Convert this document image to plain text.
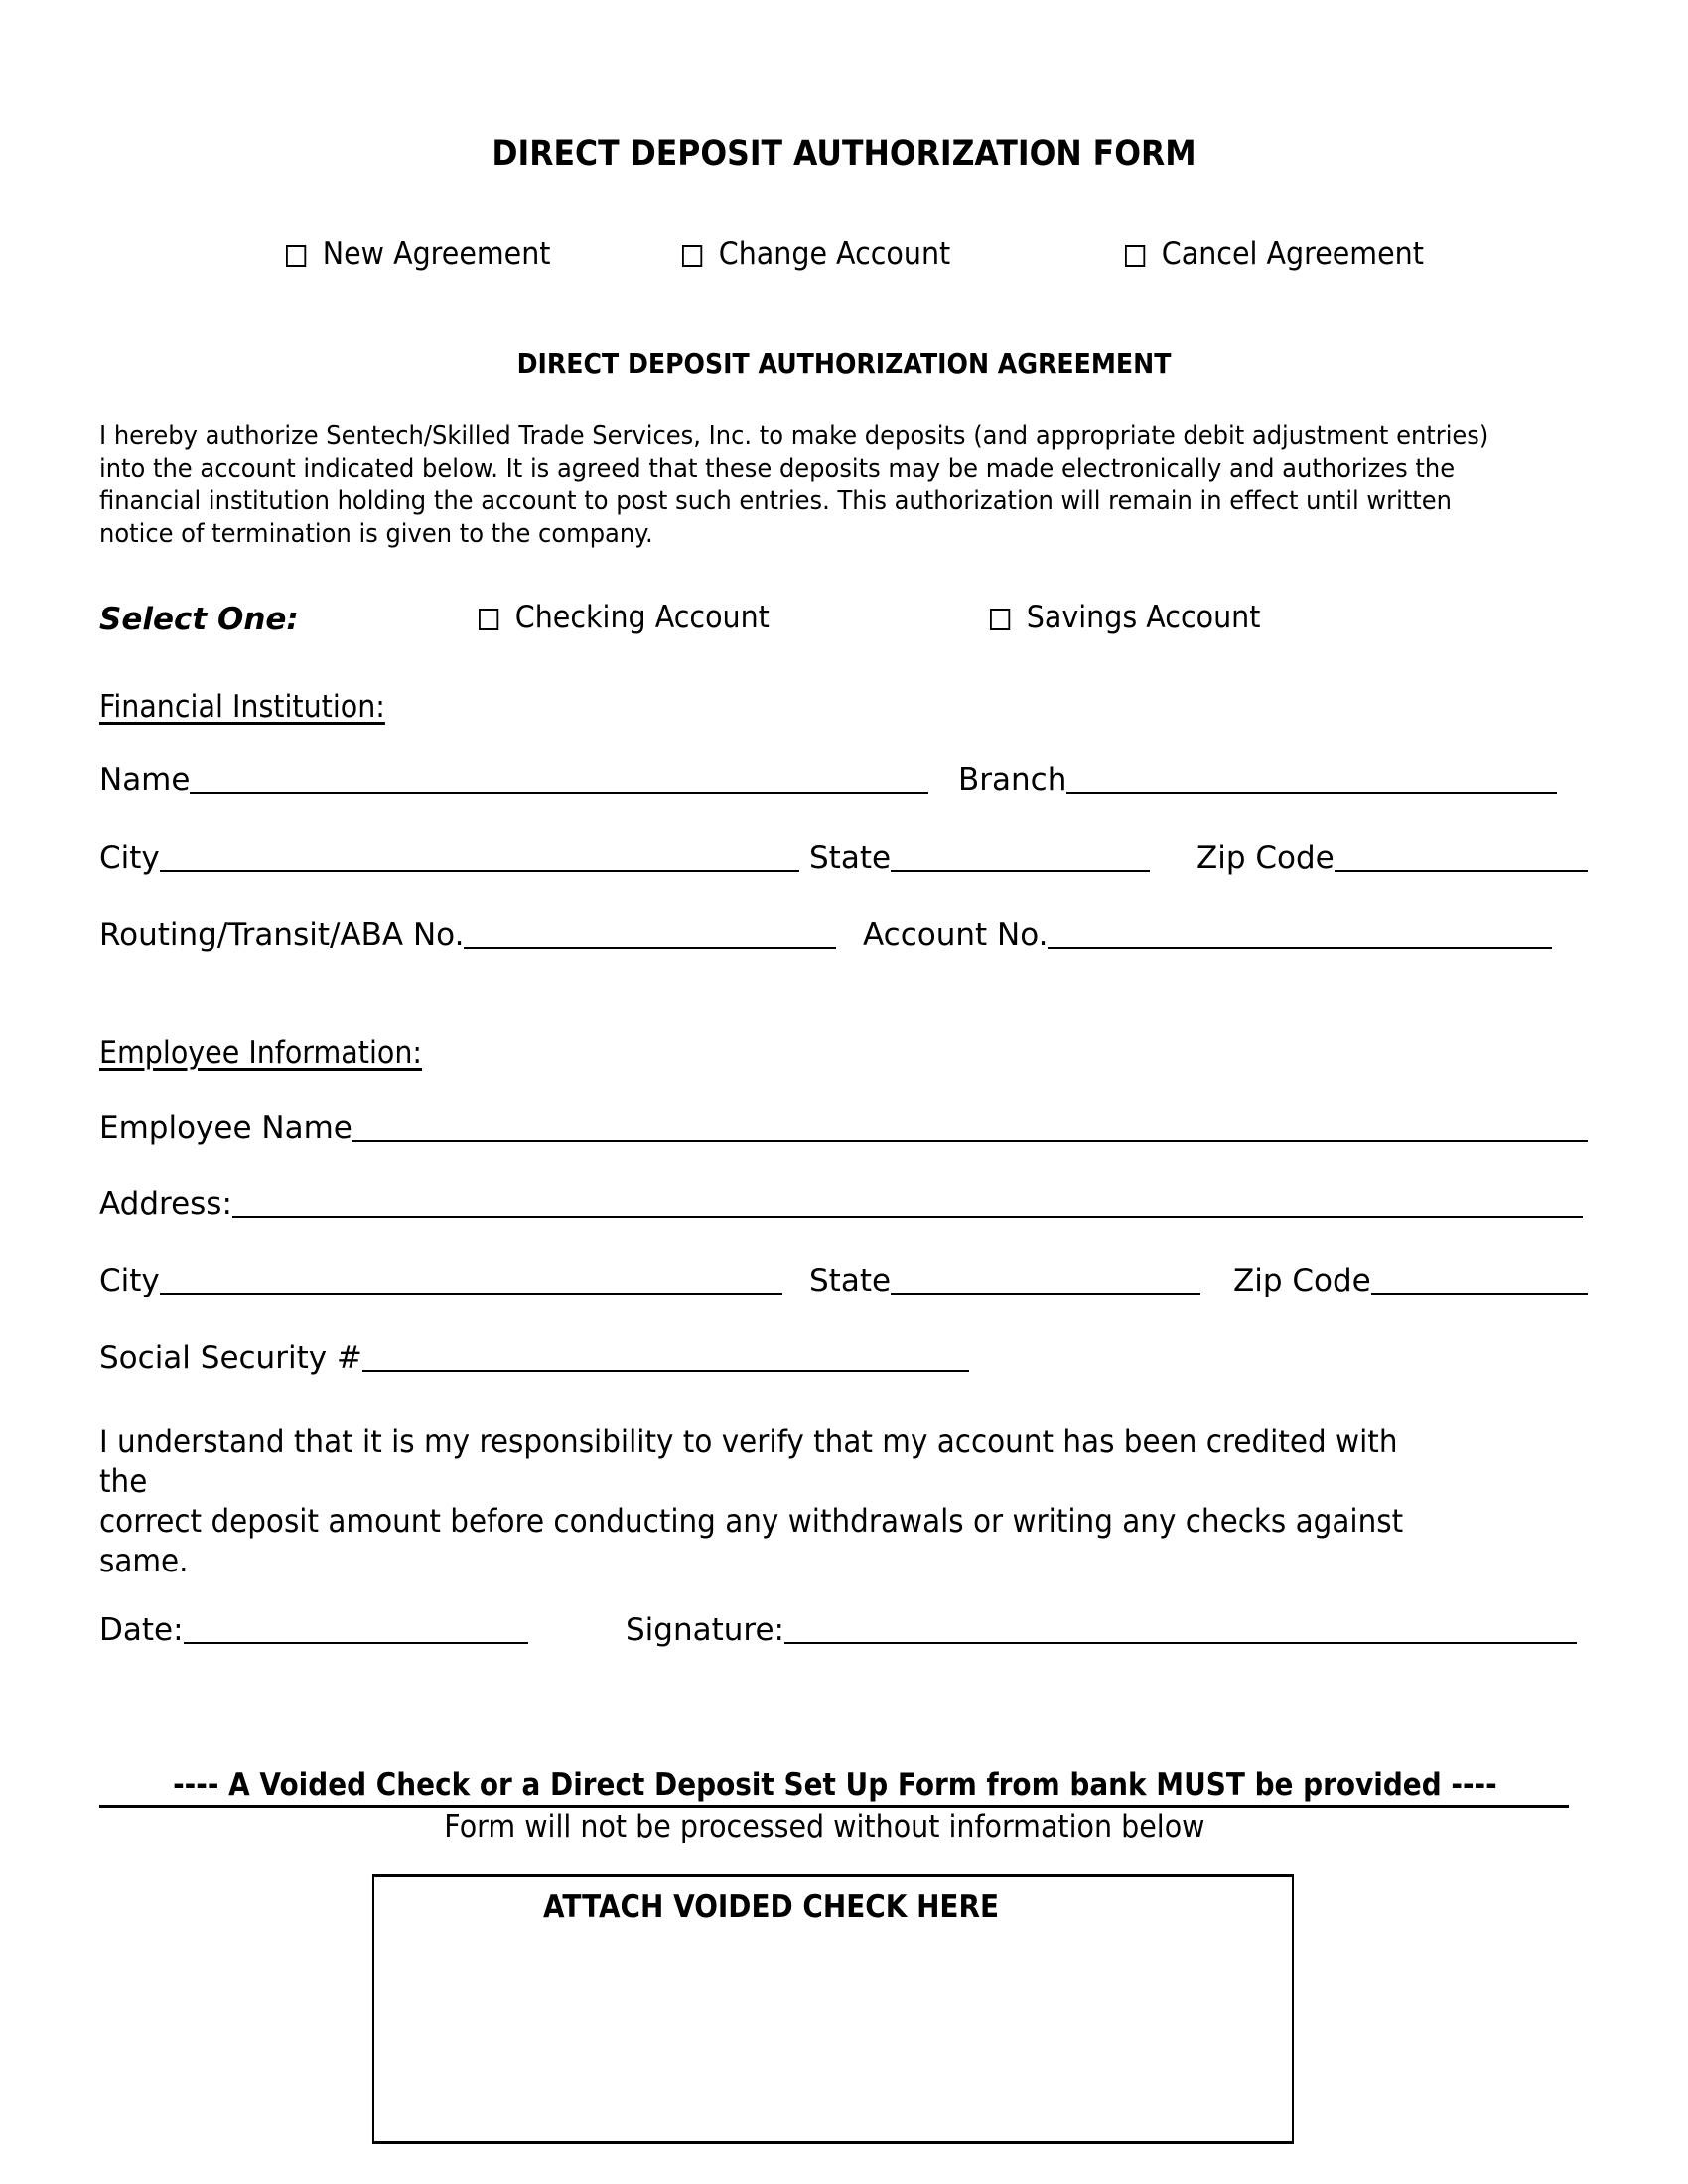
DIRECT DEPOSIT AUTHORIZATION FORM
New Agreement	Change Account	Cancel Agreement
DIRECT DEPOSIT AUTHORIZATION AGREEMENT
I hereby authorize Sentech/Skilled Trade Services, Inc. to make deposits (and appropriate debit adjustment entries)
into the account indicated below. It is agreed that these deposits may be made electronically and authorizes the
financial institution holding the account to post such entries. This authorization will remain in effect until written
notice of termination is given to the company.
Select One:	Checking Account	Savings Account
Financial Institution:
Name	Branch
City	State	Zip Code
Routing/Transit/ABA No.	Account No.
Employee Information:
Employee Name
Address:
City	State	Zip Code
Social Security #
I understand that it is my responsibility to verify that my account has been credited with the
correct deposit amount before conducting any withdrawals or writing any checks against
same.
Date:	Signature:
---- A Voided Check or a Direct Deposit Set Up Form from bank MUST be provided ----
Form will not be processed without information below
ATTACH VOIDED CHECK HERE
